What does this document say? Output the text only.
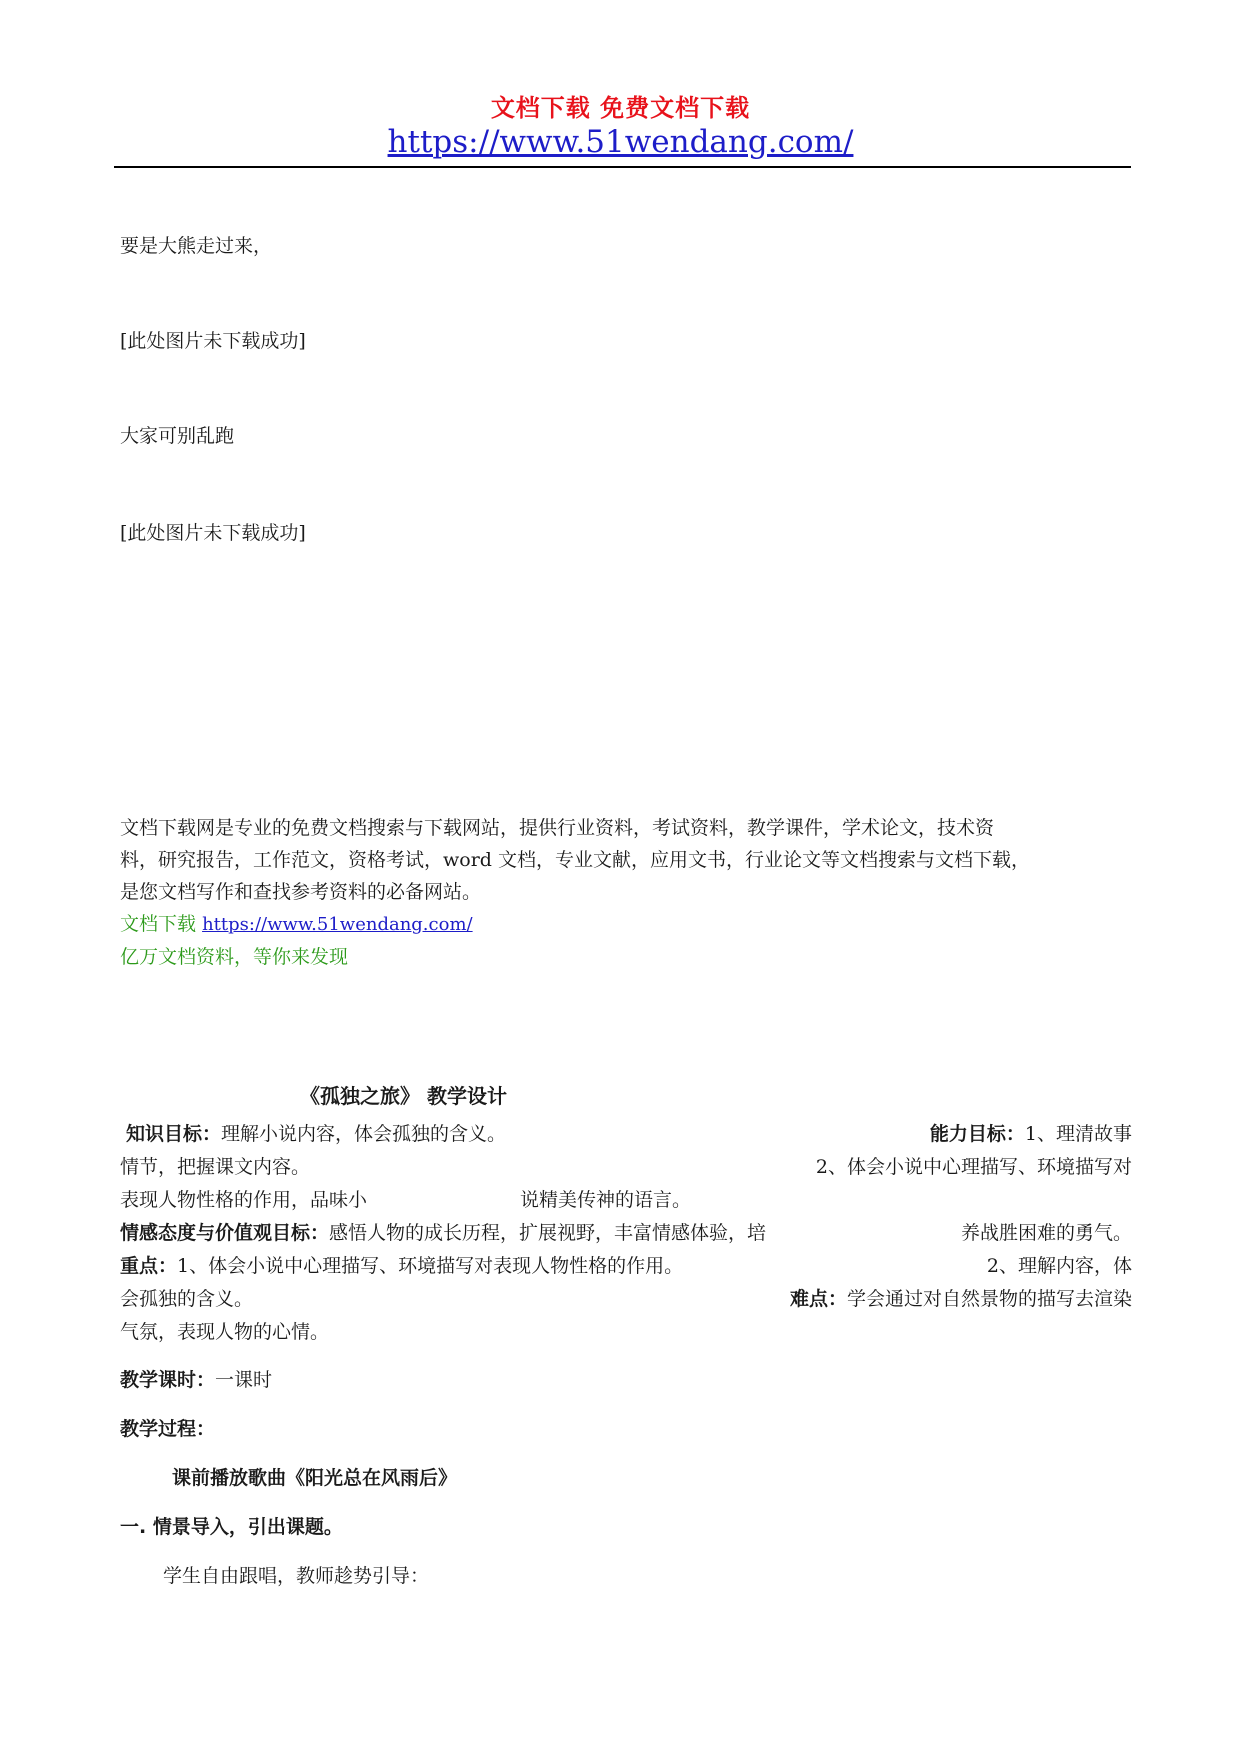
文档下载 免费文档下载
https://www.51wendang.com/
要是大熊走过来，
[此处图片未下载成功]
大家可别乱跑
[此处图片未下载成功]
文档下载网是专业的免费文档搜索与下载网站，提供行业资料，考试资料，教学课件，学术论文，技术资
料，研究报告，工作范文，资格考试，word 文档，专业文献，应用文书，行业论文等文档搜索与文档下载，
是您文档写作和查找参考资料的必备网站。
文档下载 https://www.51wendang.com/
亿万文档资料，等你来发现
《孤独之旅》 教学设计
知识目标：理解小说内容，体会孤独的含义。	能力目标：1、理清故事
情节，把握课文内容。	2、体会小说中心理描写、环境描写对
表现人物性格的作用，品味小	说精美传神的语言。
情感态度与价值观目标：感悟人物的成长历程，扩展视野，丰富情感体验，培	养战胜困难的勇气。
重点：1、体会小说中心理描写、环境描写对表现人物性格的作用。	2、理解内容，体
会孤独的含义。	难点：学会通过对自然景物的描写去渲染
气氛，表现人物的心情。
教学课时：一课时
教学过程：
课前播放歌曲《阳光总在风雨后》
一. 情景导入，引出课题。
学生自由跟唱，教师趁势引导：
